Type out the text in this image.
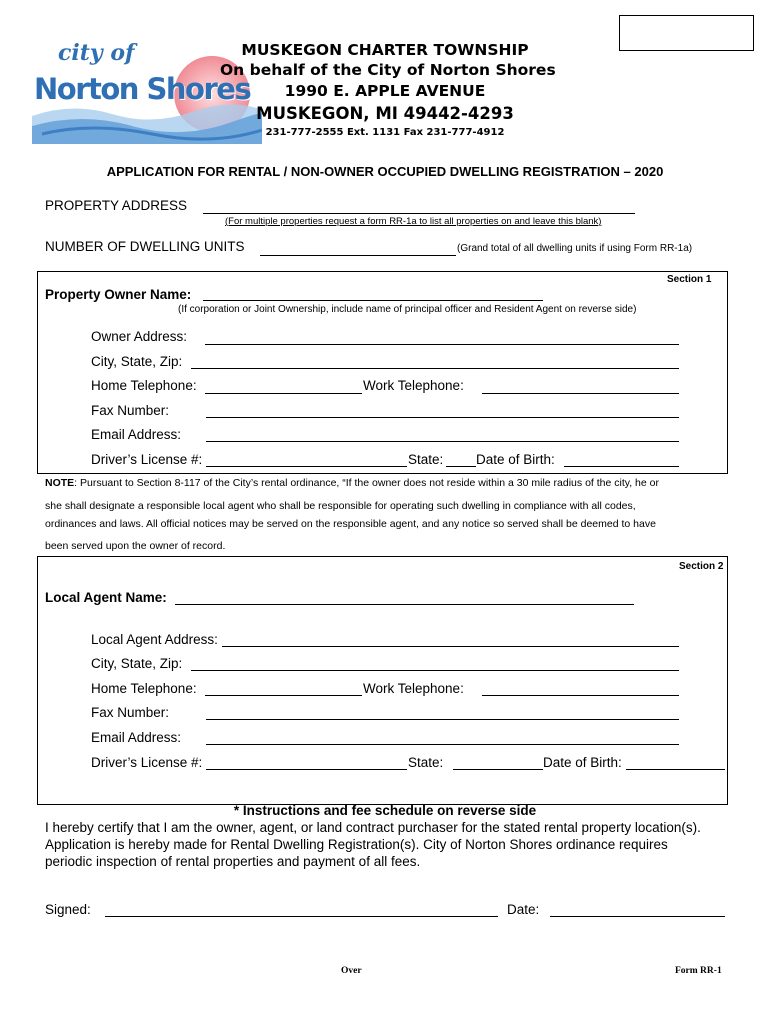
city of
Norton Shores
MUSKEGON CHARTER TOWNSHIP
On behalf of the City of Norton Shores
1990 E. APPLE AVENUE
MUSKEGON, MI 49442-4293
231-777-2555 Ext. 1131 Fax 231-777-4912
APPLICATION FOR RENTAL / NON-OWNER OCCUPIED DWELLING REGISTRATION – 2020
PROPERTY ADDRESS
(For multiple properties request a form RR-1a to list all properties on and leave this blank)
NUMBER OF DWELLING UNITS	(Grand total of all dwelling units if using Form RR-1a)
Section 1
Property Owner Name:
(If corporation or Joint Ownership, include name of principal officer and Resident Agent on reverse side)
Owner Address:
City, State, Zip:
Home Telephone:	Work Telephone:
Fax Number:
Email Address:
Driver’s License #:	State: Date of Birth:
NOTE: Pursuant to Section 8-117 of the City’s rental ordinance, “If the owner does not reside within a 30 mile radius of the city, he or
she shall designate a responsible local agent who shall be responsible for operating such dwelling in compliance with all codes,
ordinances and laws. All official notices may be served on the responsible agent, and any notice so served shall be deemed to have
been served upon the owner of record.
Section 2
Local Agent Name:
Local Agent Address:
City, State, Zip:
Home Telephone:	Work Telephone:
Fax Number:
Email Address:
Driver’s License #:	State:	Date of Birth:
* Instructions and fee schedule on reverse side
I hereby certify that I am the owner, agent, or land contract purchaser for the stated rental property location(s).
Application is hereby made for Rental Dwelling Registration(s). City of Norton Shores ordinance requires
periodic inspection of rental properties and payment of all fees.
Signed:	Date:
Over	Form RR-1
